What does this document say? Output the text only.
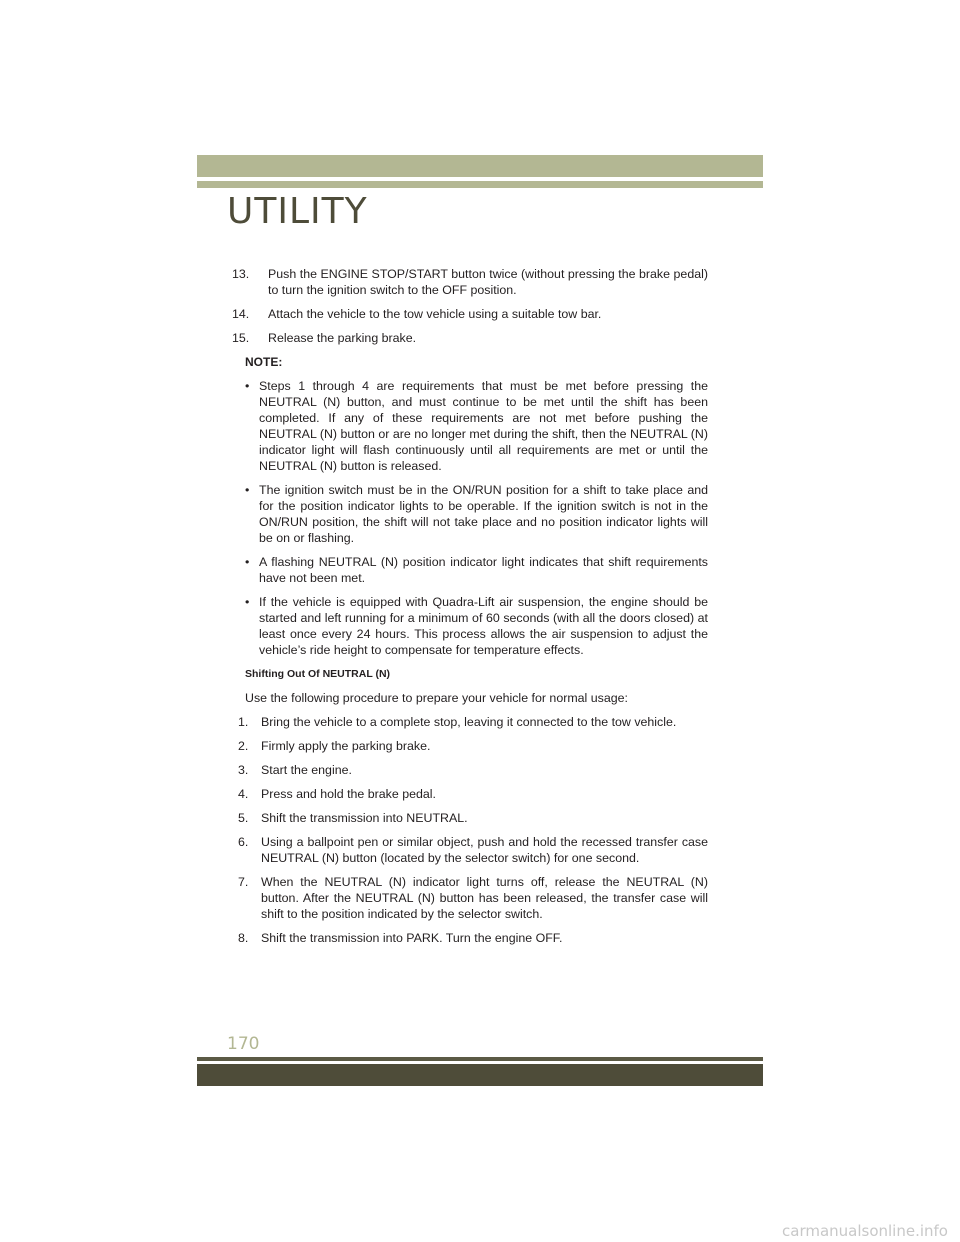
UTILITY
13.	Push the ENGINE STOP/START button twice (without pressing the brake pedal) to turn the ignition switch to the OFF position.
14.	Attach the vehicle to the tow vehicle using a suitable tow bar.
15.	Release the parking brake.
NOTE:
• Steps 1 through 4 are requirements that must be met before pressing the NEUTRAL (N) button, and must continue to be met until the shift has been completed. If any of these requirements are not met before pushing the NEUTRAL (N) button or are no longer met during the shift, then the NEUTRAL (N) indicator light will flash continuously until all requirements are met or until the NEUTRAL (N) button is released.
• The ignition switch must be in the ON/RUN position for a shift to take place and for the position indicator lights to be operable. If the ignition switch is not in the ON/RUN position, the shift will not take place and no position indicator lights will be on or flashing.
• A flashing NEUTRAL (N) position indicator light indicates that shift requirements have not been met.
• If the vehicle is equipped with Quadra-Lift air suspension, the engine should be started and left running for a minimum of 60 seconds (with all the doors closed) at least once every 24 hours. This process allows the air suspension to adjust the vehicle’s ride height to compensate for temperature effects.
Shifting Out Of NEUTRAL (N)
Use the following procedure to prepare your vehicle for normal usage:
1.	Bring the vehicle to a complete stop, leaving it connected to the tow vehicle.
2.	Firmly apply the parking brake.
3.	Start the engine.
4.	Press and hold the brake pedal.
5.	Shift the transmission into NEUTRAL.
6.	Using a ballpoint pen or similar object, push and hold the recessed transfer case NEUTRAL (N) button (located by the selector switch) for one second.
7.	When the NEUTRAL (N) indicator light turns off, release the NEUTRAL (N) button. After the NEUTRAL (N) button has been released, the transfer case will shift to the position indicated by the selector switch.
8.	Shift the transmission into PARK. Turn the engine OFF.
170
carmanualsonline.info
